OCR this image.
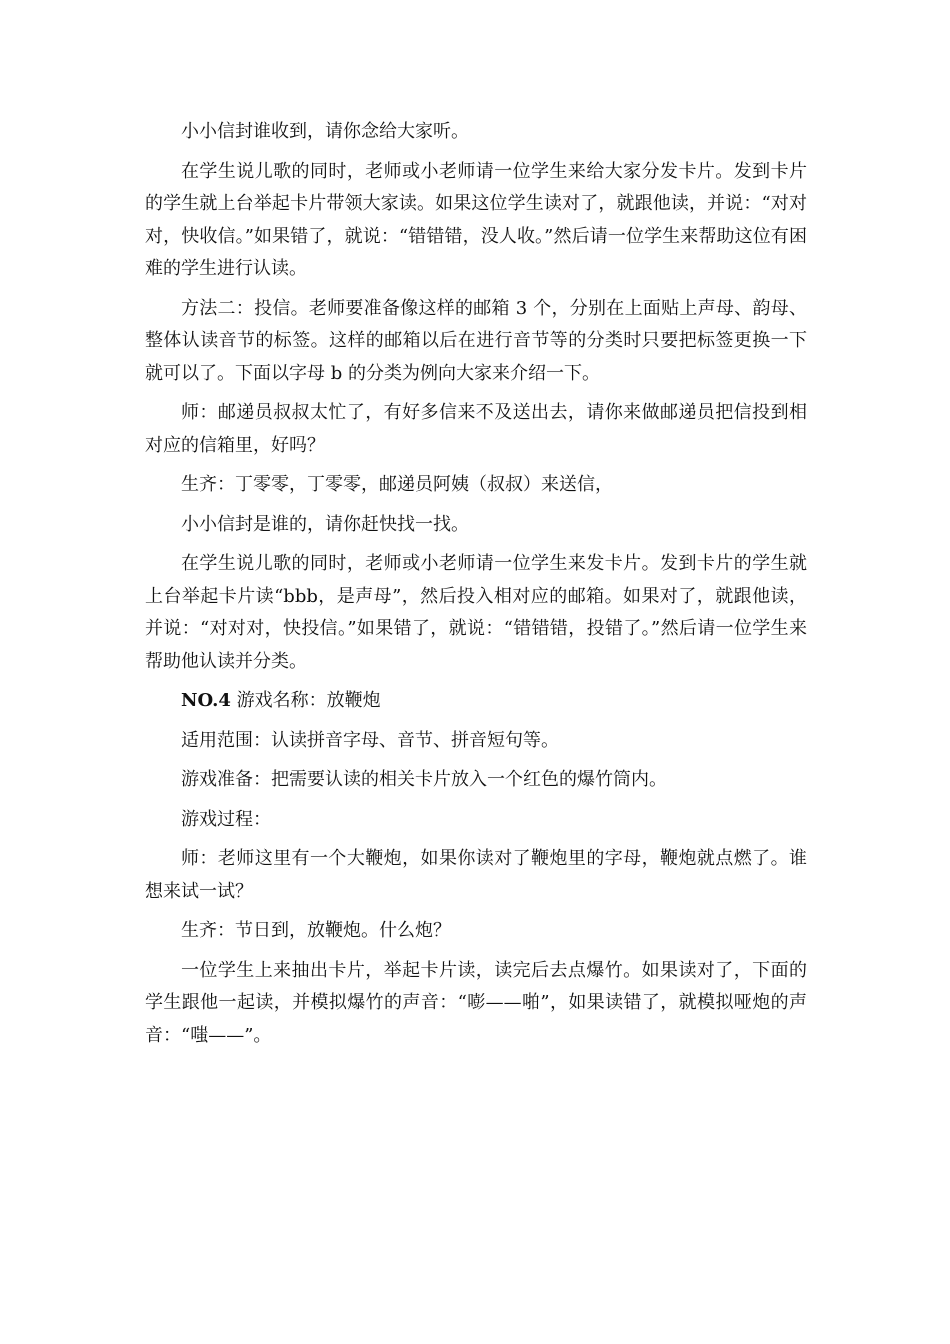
小小信封谁收到，请你念给大家听。

在学生说儿歌的同时，老师或小老师请一位学生来给大家分发卡片。发到卡片的学生就上台举起卡片带领大家读。如果这位学生读对了，就跟他读，并说：“对对对，快收信。”如果错了，就说：“错错错，没人收。”然后请一位学生来帮助这位有困难的学生进行认读。

方法二：投信。老师要准备像这样的邮箱 3 个，分别在上面贴上声母、韵母、整体认读音节的标签。这样的邮箱以后在进行音节等的分类时只要把标签更换一下就可以了。下面以字母 b 的分类为例向大家来介绍一下。

师：邮递员叔叔太忙了，有好多信来不及送出去，请你来做邮递员把信投到相对应的信箱里，好吗？

生齐：丁零零，丁零零，邮递员阿姨（叔叔）来送信，

小小信封是谁的，请你赶快找一找。

在学生说儿歌的同时，老师或小老师请一位学生来发卡片。发到卡片的学生就上台举起卡片读“bbb，是声母”，然后投入相对应的邮箱。如果对了，就跟他读，并说：“对对对，快投信。”如果错了，就说：“错错错，投错了。”然后请一位学生来帮助他认读并分类。

NO.4 游戏名称：放鞭炮

适用范围：认读拼音字母、音节、拼音短句等。

游戏准备：把需要认读的相关卡片放入一个红色的爆竹筒内。

游戏过程：

师：老师这里有一个大鞭炮，如果你读对了鞭炮里的字母，鞭炮就点燃了。谁想来试一试？

生齐：节日到，放鞭炮。什么炮？

一位学生上来抽出卡片，举起卡片读，读完后去点爆竹。如果读对了，下面的学生跟他一起读，并模拟爆竹的声音：“嘭——啪”，如果读错了，就模拟哑炮的声音：“嗤——”。
